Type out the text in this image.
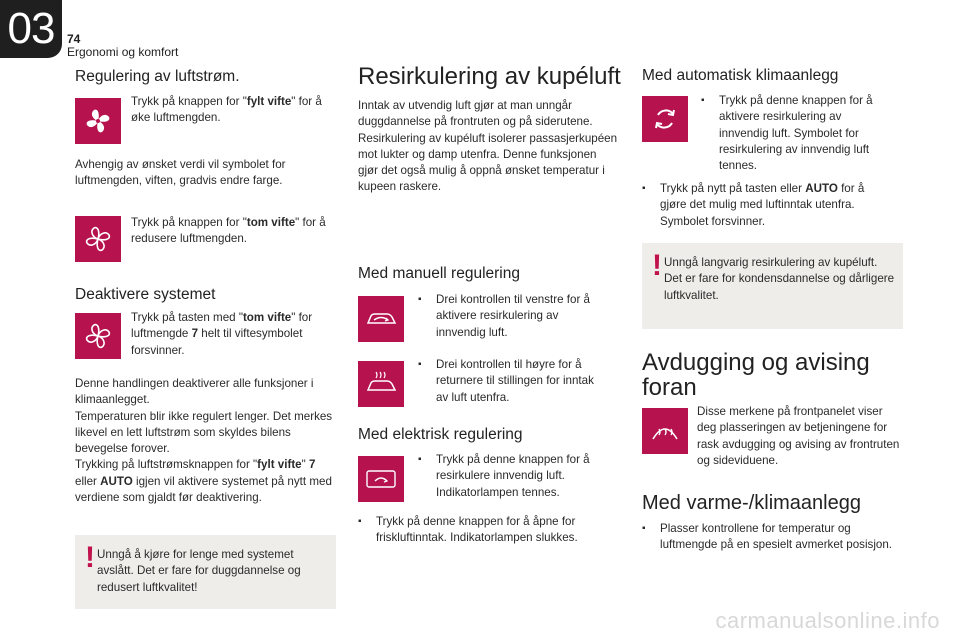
03 74
Ergonomi og komfort
Regulering av luftstrøm.
Trykk på knappen for "fylt vifte" for å øke luftmengden.
Avhengig av ønsket verdi vil symbolet for luftmengden, viften, gradvis endre farge.
Trykk på knappen for "tom vifte" for å redusere luftmengden.
Deaktivere systemet
Trykk på tasten med "tom vifte" for luftmengde 7 helt til viftesymbolet forsvinner.
Denne handlingen deaktiverer alle funksjoner i klimaanlegget.
Temperaturen blir ikke regulert lenger. Det merkes likevel en lett luftstrøm som skyldes bilens bevegelse forover.
Trykking på luftstrømsknappen for "fylt vifte" 7 eller AUTO igjen vil aktivere systemet på nytt med verdiene som gjaldt før deaktivering.
! Unngå å kjøre for lenge med systemet avslått. Det er fare for duggdannelse og redusert luftkvalitet!
Resirkulering av kupéluft
Inntak av utvendig luft gjør at man unngår duggdannelse på frontruten og på siderutene. Resirkulering av kupéluft isolerer passasjerkupéen mot lukter og damp utenfra. Denne funksjonen gjør det også mulig å oppnå ønsket temperatur i kupeen raskere.
Med manuell regulering
▪ Drei kontrollen til venstre for å aktivere resirkulering av innvendig luft.
▪ Drei kontrollen til høyre for å returnere til stillingen for inntak av luft utenfra.
Med elektrisk regulering
▪ Trykk på denne knappen for å resirkulere innvendig luft. Indikatorlampen tennes.
▪ Trykk på denne knappen for å åpne for friskluftinntak. Indikatorlampen slukkes.
Med automatisk klimaanlegg
▪ Trykk på denne knappen for å aktivere resirkulering av innvendig luft. Symbolet for resirkulering av innvendig luft tennes.
▪ Trykk på nytt på tasten eller AUTO for å gjøre det mulig med luftinntak utenfra. Symbolet forsvinner.
! Unngå langvarig resirkulering av kupéluft. Det er fare for kondensdannelse og dårligere luftkvalitet.
Avdugging og avising foran
Disse merkene på frontpanelet viser deg plasseringen av betjeningene for rask avdugging og avising av frontruten og sideviduene.
Med varme-/klimaanlegg
▪ Plasser kontrollene for temperatur og luftmengde på en spesielt avmerket posisjon.
carmanualsonline.info
